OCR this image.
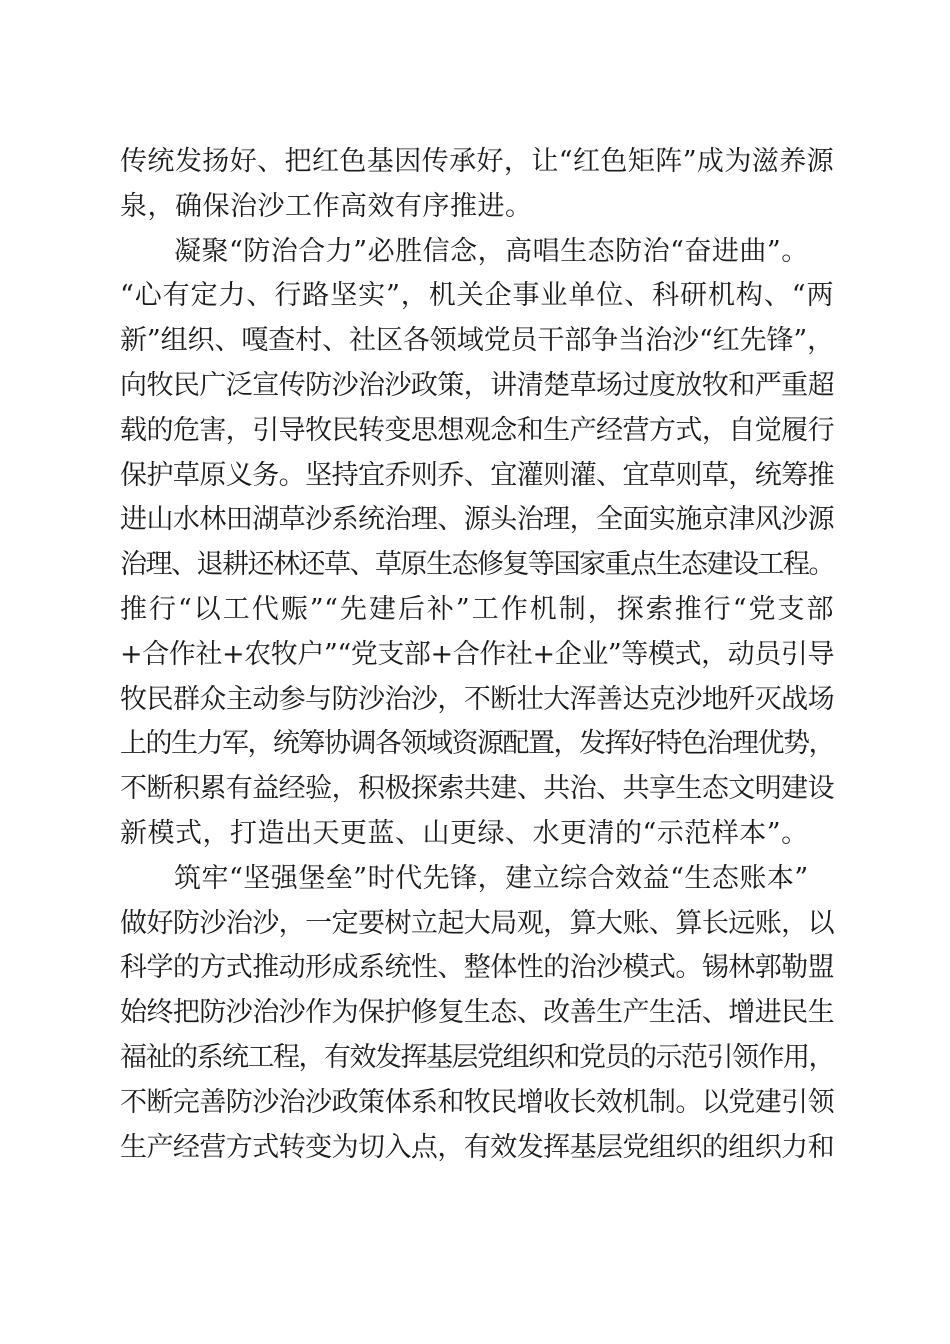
传统发扬好、把红色基因传承好，让“红色矩阵”成为滋养源
泉，确保治沙工作高效有序推进。

凝聚“防治合力”必胜信念，高唱生态防治“奋进曲”。
“心有定力、行路坚实”，机关企事业单位、科研机构、“两
新”组织、嘎查村、社区各领域党员干部争当治沙“红先锋”，
向牧民广泛宣传防沙治沙政策，讲清楚草场过度放牧和严重超
载的危害，引导牧民转变思想观念和生产经营方式，自觉履行
保护草原义务。坚持宜乔则乔、宜灌则灌、宜草则草，统筹推
进山水林田湖草沙系统治理、源头治理，全面实施京津风沙源
治理、退耕还林还草、草原生态修复等国家重点生态建设工程。
推行“以工代赈”“先建后补”工作机制，探索推行“党支部
+合作社+农牧户”“党支部+合作社+企业”等模式，动员引导
牧民群众主动参与防沙治沙，不断壮大浑善达克沙地歼灭战场
上的生力军，统筹协调各领域资源配置，发挥好特色治理优势，
不断积累有益经验，积极探索共建、共治、共享生态文明建设
新模式，打造出天更蓝、山更绿、水更清的“示范样本”。

筑牢“坚强堡垒”时代先锋，建立综合效益“生态账本”
做好防沙治沙，一定要树立起大局观，算大账、算长远账，以
科学的方式推动形成系统性、整体性的治沙模式。锡林郭勒盟
始终把防沙治沙作为保护修复生态、改善生产生活、增进民生
福祉的系统工程，有效发挥基层党组织和党员的示范引领作用，
不断完善防沙治沙政策体系和牧民增收长效机制。以党建引领
生产经营方式转变为切入点，有效发挥基层党组织的组织力和
